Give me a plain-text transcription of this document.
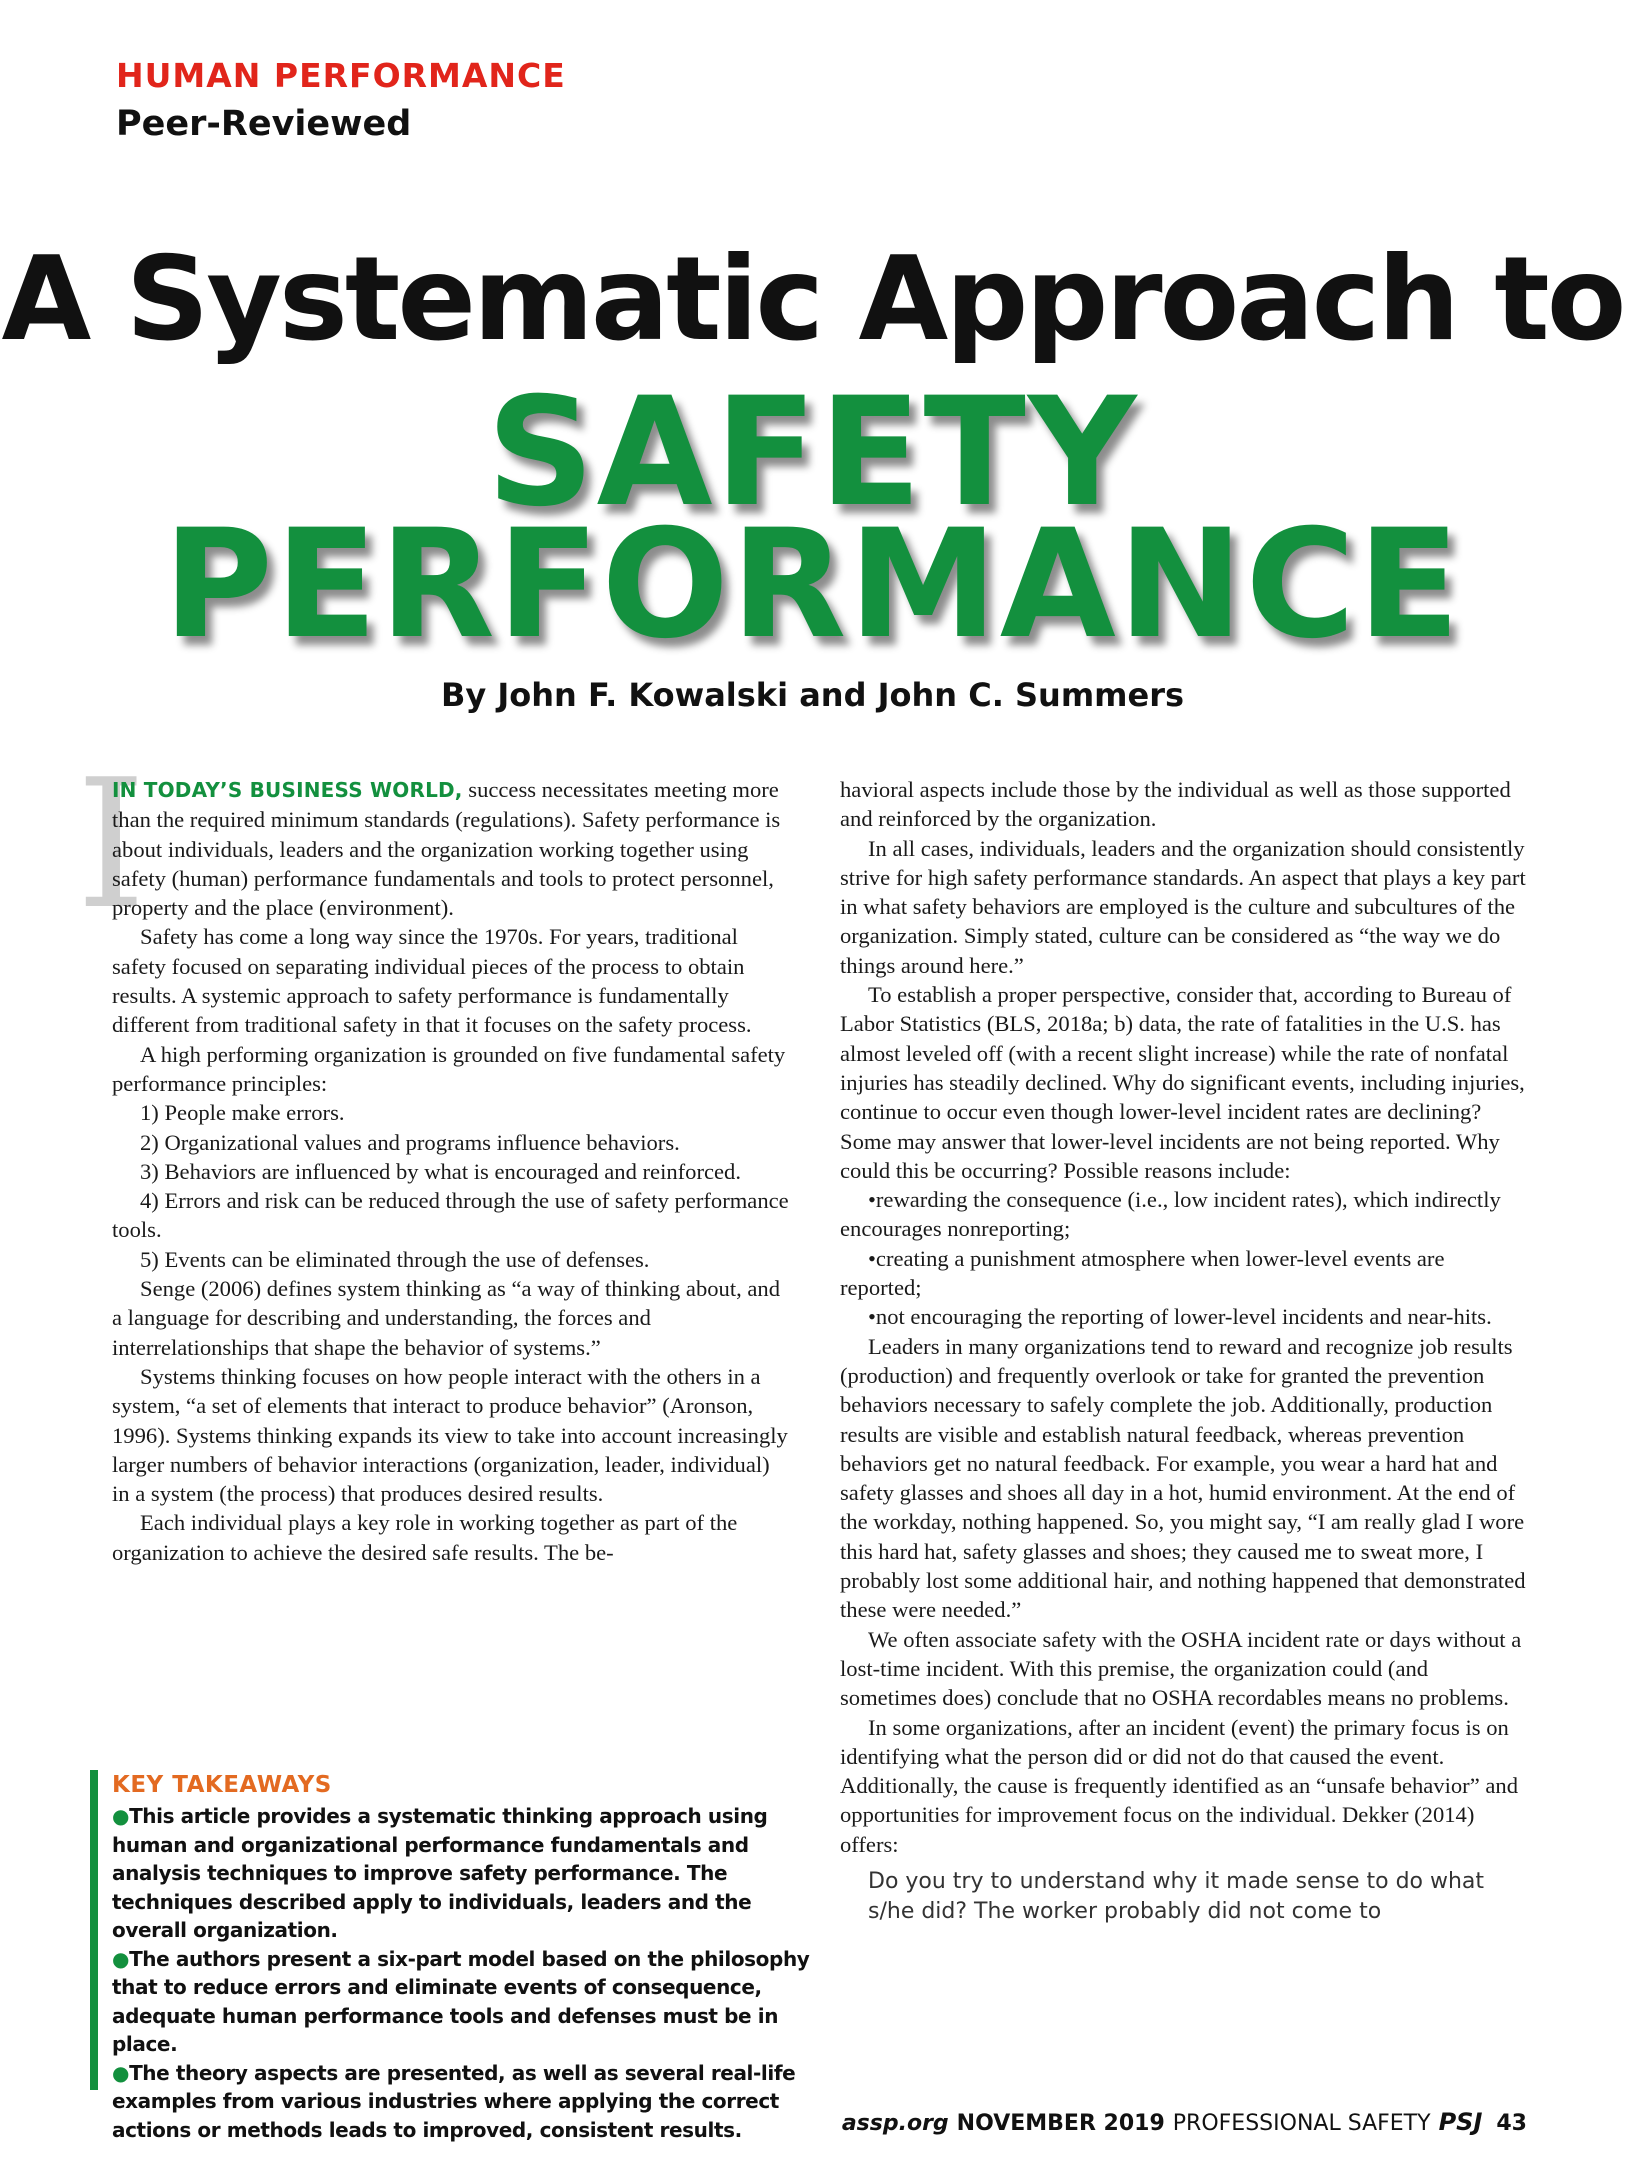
HUMAN PERFORMANCE
Peer-Reviewed
A Systematic Approach to
SAFETY
PERFORMANCE
By John F. Kowalski and John C. Summers
I

IN TODAY’S BUSINESS WORLD, success necessitates meeting more than the required minimum standards (regulations). Safety performance is about individuals, leaders and the organization working together using safety (human) performance fundamentals and tools to protect personnel, property and the place (environment).

Safety has come a long way since the 1970s. For years, traditional safety focused on separating individual pieces of the process to obtain results. A systemic approach to safety performance is fundamentally different from traditional safety in that it focuses on the safety process.

A high performing organization is grounded on five fundamental safety performance principles:

1) People make errors.

2) Organizational values and programs influence behaviors.

3) Behaviors are influenced by what is encouraged and reinforced.

4) Errors and risk can be reduced through the use of safety performance tools.

5) Events can be eliminated through the use of defenses.

Senge (2006) defines system thinking as “a way of thinking about, and a language for describing and understanding, the forces and interrelationships that shape the behavior of systems.”

Systems thinking focuses on how people interact with the others in a system, “a set of elements that interact to produce behavior” (Aronson, 1996). Systems thinking expands its view to take into account increasingly larger numbers of behavior interactions (organization, leader, individual) in a system (the process) that produces desired results.

Each individual plays a key role in working together as part of the organization to achieve the desired safe results. The be-

havioral aspects include those by the individual as well as those supported and reinforced by the organization.

In all cases, individuals, leaders and the organization should consistently strive for high safety performance standards. An aspect that plays a key part in what safety behaviors are employed is the culture and subcultures of the organization. Simply stated, culture can be considered as “the way we do things around here.”

To establish a proper perspective, consider that, according to Bureau of Labor Statistics (BLS, 2018a; b) data, the rate of fatalities in the U.S. has almost leveled off (with a recent slight increase) while the rate of nonfatal injuries has steadily declined. Why do significant events, including injuries, continue to occur even though lower-level incident rates are declining? Some may answer that lower-level incidents are not being reported. Why could this be occurring? Possible reasons include:

•rewarding the consequence (i.e., low incident rates), which indirectly encourages nonreporting;

•creating a punishment atmosphere when lower-level events are reported;

•not encouraging the reporting of lower-level incidents and near-hits.

Leaders in many organizations tend to reward and recognize job results (production) and frequently overlook or take for granted the prevention behaviors necessary to safely complete the job. Additionally, production results are visible and establish natural feedback, whereas prevention behaviors get no natural feedback. For example, you wear a hard hat and safety glasses and shoes all day in a hot, humid environment. At the end of the workday, nothing happened. So, you might say, “I am really glad I wore this hard hat, safety glasses and shoes; they caused me to sweat more, I probably lost some additional hair, and nothing happened that demonstrated these were needed.”

We often associate safety with the OSHA incident rate or days without a lost-time incident. With this premise, the organization could (and sometimes does) conclude that no OSHA recordables means no problems.

In some organizations, after an incident (event) the primary focus is on identifying what the person did or did not do that caused the event. Additionally, the cause is frequently identified as an “unsafe behavior” and opportunities for improvement focus on the individual. Dekker (2014) offers:

Do you try to understand why it made sense to do what s/he did? The worker probably did not come to
KEY TAKEAWAYS

●This article provides a systematic thinking approach using human and organizational performance fundamentals and analysis techniques to improve safety performance. The techniques described apply to individuals, leaders and the overall organization.

●The authors present a six-part model based on the philosophy that to reduce errors and eliminate events of consequence, adequate human performance tools and defenses must be in place.

●The theory aspects are presented, as well as several real-life examples from various industries where applying the correct actions or methods leads to improved, consistent results.	assp.org NOVEMBER 2019 PROFESSIONAL SAFETY PSJ 43
